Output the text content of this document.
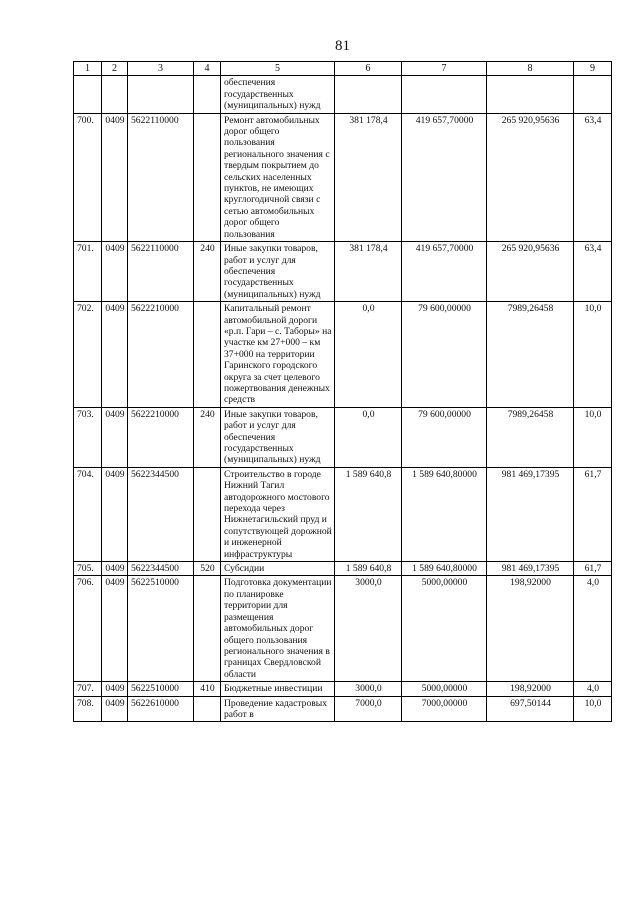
81
1	2	3	4	5	6	7	8	9
				обеспечения государственных (муниципальных) нужд				
700.	0409	5622110000		Ремонт автомобильных дорог общего пользования регионального значения с твердым покрытием до сельских населенных пунктов, не имеющих круглогодичной связи с сетью автомобильных дорог общего пользования	381 178,4	419 657,70000	265 920,95636	63,4
701.	0409	5622110000	240	Иные закупки товаров, работ и услуг для обеспечения государственных (муниципальных) нужд	381 178,4	419 657,70000	265 920,95636	63,4
702.	0409	5622210000		Капитальный ремонт автомобильной дороги «р.п. Гари – с. Таборы» на участке км 27+000 – км 37+000 на территории Гаринского городского округа за счет целевого пожертвования денежных средств	0,0	79 600,00000	7989,26458	10,0
703.	0409	5622210000	240	Иные закупки товаров, работ и услуг для обеспечения государственных (муниципальных) нужд	0,0	79 600,00000	7989,26458	10,0
704.	0409	5622344500		Строительство в городе Нижний Тагил автодорожного мостового перехода через Нижнетагильский пруд и сопутствующей дорожной и инженерной инфраструктуры	1 589 640,8	1 589 640,80000	981 469,17395	61,7
705.	0409	5622344500	520	Субсидии	1 589 640,8	1 589 640,80000	981 469,17395	61,7
706.	0409	5622510000		Подготовка документации по планировке территории для размещения автомобильных дорог общего пользования регионального значения в границах Свердловской области	3000,0	5000,00000	198,92000	4,0
707.	0409	5622510000	410	Бюджетные инвестиции	3000,0	5000,00000	198,92000	4,0
708.	0409	5622610000		Проведение кадастровых работ в	7000,0	7000,00000	697,50144	10,0
